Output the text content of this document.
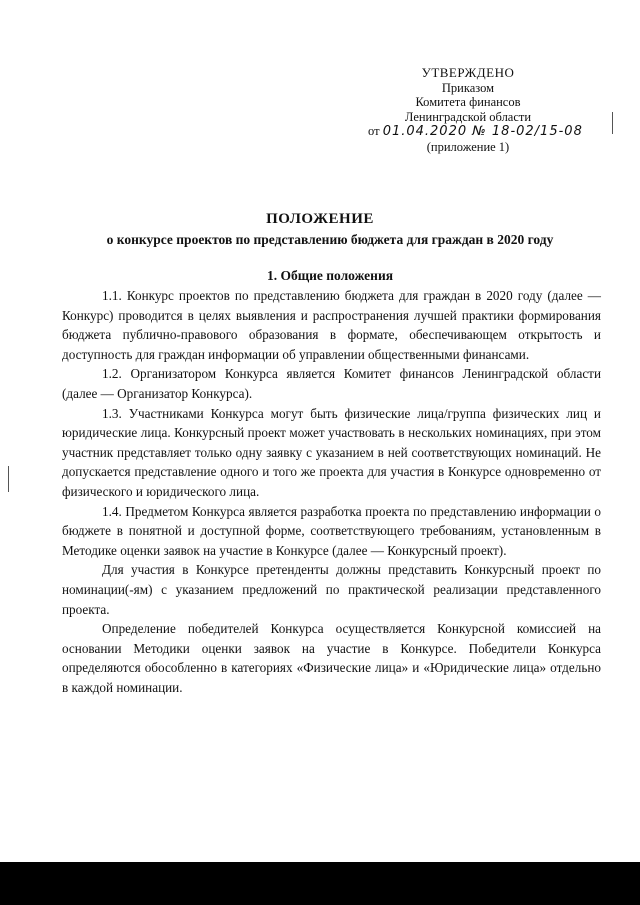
УТВЕРЖДЕНО
Приказом
Комитета финансов
Ленинградской области
от 01.04.2020 № 18-02/15-08
(приложение 1)
ПОЛОЖЕНИЕ
о конкурсе проектов по представлению бюджета для граждан в 2020 году
1. Общие положения

1.1. Конкурс проектов по представлению бюджета для граждан в 2020 году (далее — Конкурс) проводится в целях выявления и распространения лучшей практики формирования бюджета публично-правового образования в формате, обеспечивающем открытость и доступность для граждан информации об управлении общественными финансами.

1.2. Организатором Конкурса является Комитет финансов Ленинградской области (далее — Организатор Конкурса).

1.3. Участниками Конкурса могут быть физические лица/группа физических лиц и юридические лица. Конкурсный проект может участвовать в нескольких номинациях, при этом участник представляет только одну заявку с указанием в ней соответствующих номинаций. Не допускается представление одного и того же проекта для участия в Конкурсе одновременно от физического и юридического лица.

1.4. Предметом Конкурса является разработка проекта по представлению информации о бюджете в понятной и доступной форме, соответствующего требованиям, установленным в Методике оценки заявок на участие в Конкурсе (далее — Конкурсный проект).

Для участия в Конкурсе претенденты должны представить Конкурсный проект по номинации(-ям) с указанием предложений по практической реализации представленного проекта.

Определение победителей Конкурса осуществляется Конкурсной комиссией на основании Методики оценки заявок на участие в Конкурсе. Победители Конкурса определяются обособленно в категориях «Физические лица» и «Юридические лица» отдельно в каждой номинации.
